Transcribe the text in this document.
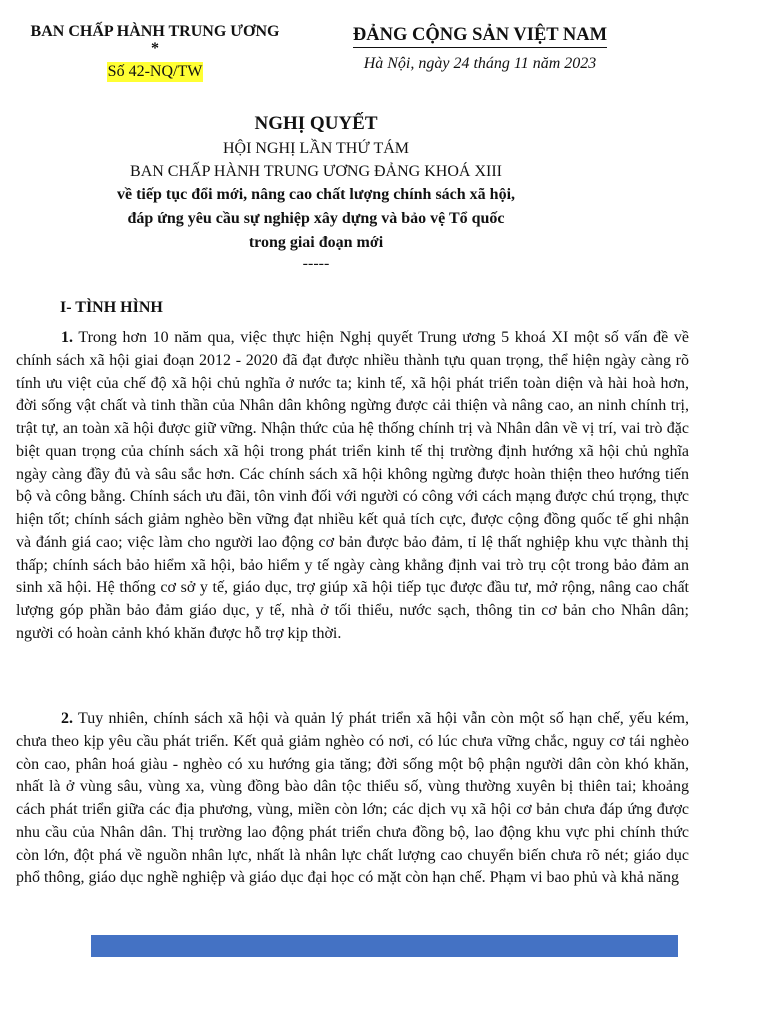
BAN CHẤP HÀNH TRUNG ƯƠNG
*
Số 42-NQ/TW
ĐẢNG CỘNG SẢN VIỆT NAM
Hà Nội, ngày 24 tháng 11 năm 2023
NGHỊ QUYẾT
HỘI NGHỊ LẦN THỨ TÁM
BAN CHẤP HÀNH TRUNG ƯƠNG ĐẢNG KHOÁ XIII
về tiếp tục đổi mới, nâng cao chất lượng chính sách xã hội,
đáp ứng yêu cầu sự nghiệp xây dựng và bảo vệ Tổ quốc
trong giai đoạn mới
-----
I- TÌNH HÌNH

1. Trong hơn 10 năm qua, việc thực hiện Nghị quyết Trung ương 5 khoá XI một số vấn đề về chính sách xã hội giai đoạn 2012 - 2020 đã đạt được nhiều thành tựu quan trọng, thể hiện ngày càng rõ tính ưu việt của chế độ xã hội chủ nghĩa ở nước ta; kinh tế, xã hội phát triển toàn diện và hài hoà hơn, đời sống vật chất và tinh thần của Nhân dân không ngừng được cải thiện và nâng cao, an ninh chính trị, trật tự, an toàn xã hội được giữ vững. Nhận thức của hệ thống chính trị và Nhân dân về vị trí, vai trò đặc biệt quan trọng của chính sách xã hội trong phát triển kinh tế thị trường định hướng xã hội chủ nghĩa ngày càng đầy đủ và sâu sắc hơn. Các chính sách xã hội không ngừng được hoàn thiện theo hướng tiến bộ và công bằng. Chính sách ưu đãi, tôn vinh đối với người có công với cách mạng được chú trọng, thực hiện tốt; chính sách giảm nghèo bền vững đạt nhiều kết quả tích cực, được cộng đồng quốc tế ghi nhận và đánh giá cao; việc làm cho người lao động cơ bản được bảo đảm, tỉ lệ thất nghiệp khu vực thành thị thấp; chính sách bảo hiểm xã hội, bảo hiểm y tế ngày càng khẳng định vai trò trụ cột trong bảo đảm an sinh xã hội. Hệ thống cơ sở y tế, giáo dục, trợ giúp xã hội tiếp tục được đầu tư, mở rộng, nâng cao chất lượng góp phần bảo đảm giáo dục, y tế, nhà ở tối thiểu, nước sạch, thông tin cơ bản cho Nhân dân; người có hoàn cảnh khó khăn được hỗ trợ kịp thời.

2. Tuy nhiên, chính sách xã hội và quản lý phát triển xã hội vẫn còn một số hạn chế, yếu kém, chưa theo kịp yêu cầu phát triển. Kết quả giảm nghèo có nơi, có lúc chưa vững chắc, nguy cơ tái nghèo còn cao, phân hoá giàu - nghèo có xu hướng gia tăng; đời sống một bộ phận người dân còn khó khăn, nhất là ở vùng sâu, vùng xa, vùng đồng bào dân tộc thiểu số, vùng thường xuyên bị thiên tai; khoảng cách phát triển giữa các địa phương, vùng, miền còn lớn; các dịch vụ xã hội cơ bản chưa đáp ứng được nhu cầu của Nhân dân. Thị trường lao động phát triển chưa đồng bộ, lao động khu vực phi chính thức còn lớn, đột phá về nguồn nhân lực, nhất là nhân lực chất lượng cao chuyển biến chưa rõ nét; giáo dục phổ thông, giáo dục nghề nghiệp và giáo dục đại học có mặt còn hạn chế. Phạm vi bao phủ và khả năng
